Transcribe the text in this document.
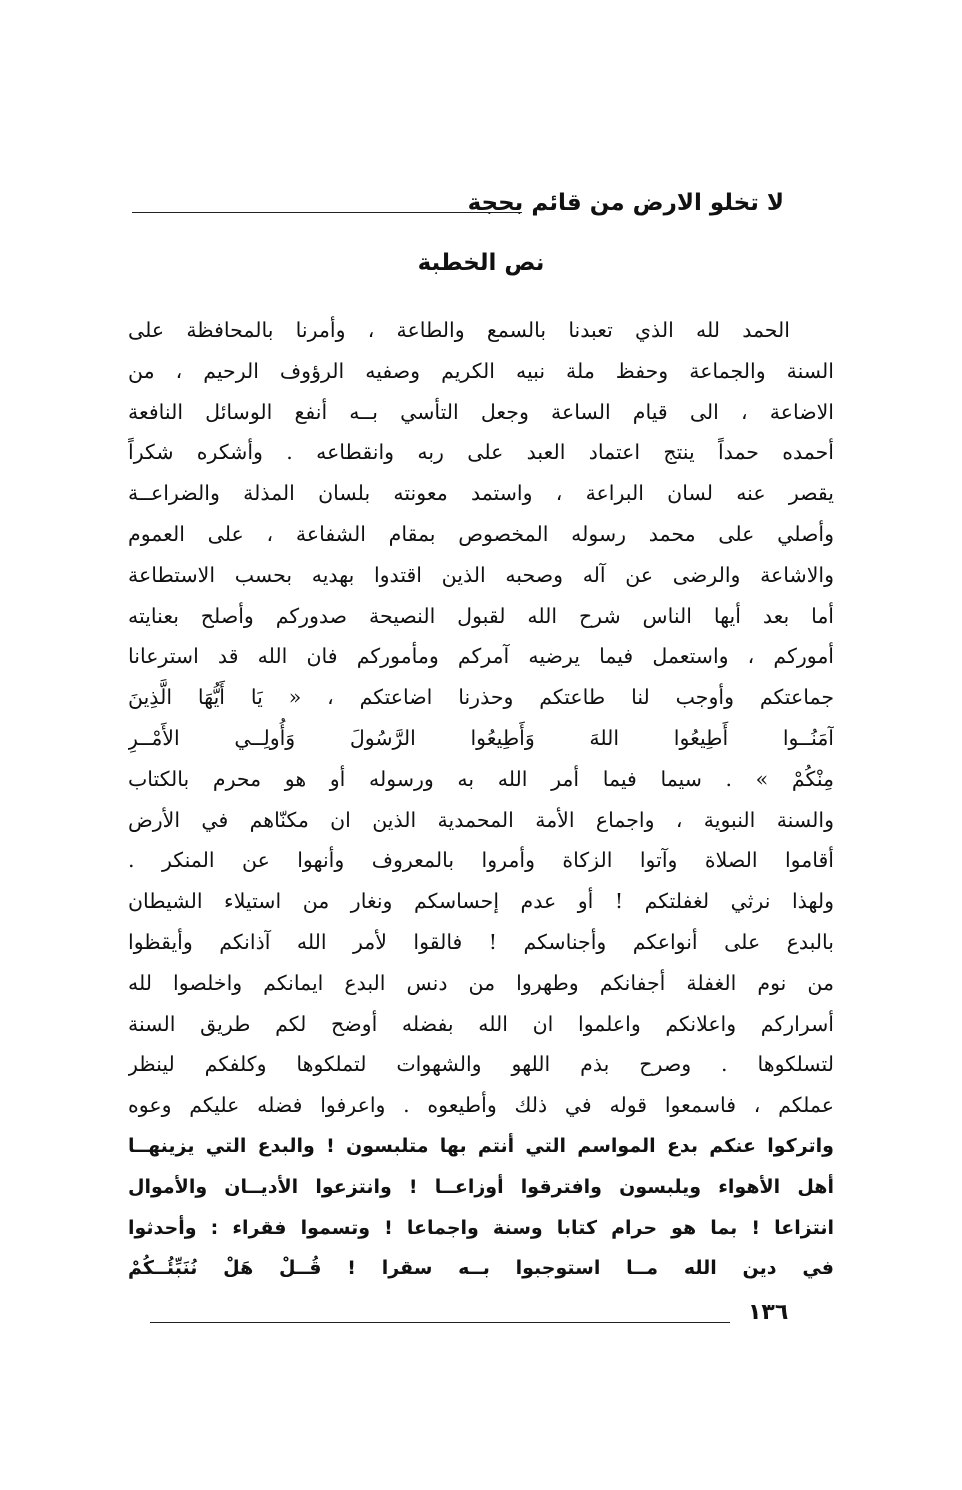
لا تخلو الارض من قائم بحجة
نص الخطبة
الحمد لله الذي تعبدنا بالسمع والطاعة ، وأمرنا بالمحافظة على
السنة والجماعة وحفظ ملة نبيه الكريم وصفيه الرؤوف الرحيم ، من
الاضاعة ، الى قيام الساعة وجعل التأسي بــه أنفع الوسائل النافعة
أحمده حمداً ينتج اعتماد العبد على ربه وانقطاعه . وأشكره شكراً
يقصر عنه لسان البراعة ، واستمد معونته بلسان المذلة والضراعــة
وأصلي على محمد رسوله المخصوص بمقام الشفاعة ، على العموم
والاشاعة والرضى عن آله وصحبه الذين اقتدوا بهديه بحسب الاستطاعة
أما بعد أيها الناس شرح الله لقبول النصيحة صدوركم وأصلح بعنايته
أموركم ، واستعمل فيما يرضيه آمركم ومأموركم فان الله قد استرعانا
جماعتكم وأوجب لنا طاعتكم وحذرنا اضاعتكم ، « يَا أَيُّهَا الَّذِينَ
آمَنُــوا أَطِيعُوا اللهَ وَأَطِيعُوا الرَّسُولَ وَأُولِــي الأَمْــرِ
مِنْكُمْ » . سيما فيما أمر الله به ورسوله أو هو محرم بالكتاب
والسنة النبوية ، واجماع الأمة المحمدية الذين ان مكنّاهم في الأرض
أقاموا الصلاة وآتوا الزكاة وأمروا بالمعروف وأنهوا عن المنكر .
ولهذا نرثي لغفلتكم ! أو عدم إحساسكم ونغار من استيلاء الشيطان
بالبدع على أنواعكم وأجناسكم ! فالقوا لأمر الله آذانكم وأيقظوا
من نوم الغفلة أجفانكم وطهروا من دنس البدع ايمانكم واخلصوا لله
أسراركم واعلانكم واعلموا ان الله بفضله أوضح لكم طريق السنة
لتسلكوها . وصرح بذم اللهو والشهوات لتملكوها وكلفكم لينظر
عملكم ، فاسمعوا قوله في ذلك وأطيعوه . واعرفوا فضله عليكم وعوه
واتركوا عنكم بدع المواسم التي أنتم بها متلبسون ! والبدع التي يزينهــا
أهل الأهواء ويلبسون وافترقوا أوزاعــا ! وانتزعوا الأديــان والأموال
انتزاعا ! بما هو حرام كتابا وسنة واجماعا ! وتسموا فقراء : وأحدثوا
في دين الله مــا استوجبوا بــه سقرا ! قُــلْ هَلْ نُنَبِّئُــكُمْ
١٣٦
